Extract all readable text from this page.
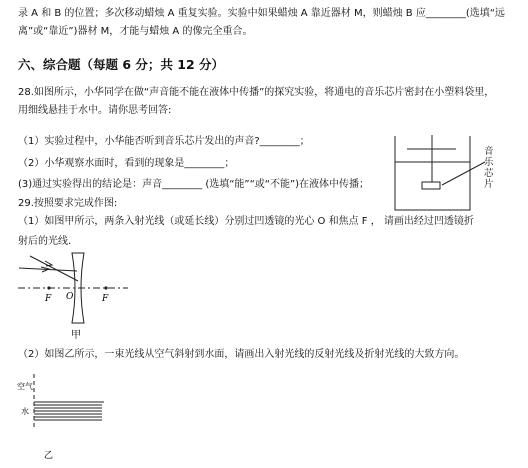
录 A 和 B 的位置；多次移动蜡烛 A 重复实验。实验中如果蜡烛 A 靠近器材 M，则蜡烛 B 应________(选填“远
离”或“靠近”)器材 M，才能与蜡烛 A 的像完全重合。
六、综合题（每题 6 分；共 12 分）
28.如图所示，小华同学在做“声音能不能在液体中传播”的探究实验，将通电的音乐芯片密封在小塑料袋里，
用细线悬挂于水中。请你思考回答:
（1）实验过程中，小华能否听到音乐芯片发出的声音?________；
（2）小华观察水面时，看到的现象是________；
(3)通过实验得出的结论是：声音________ (选填“能”“或“不能”)在液体中传播；
29.按照要求完成作图:
（1）如图甲所示，两条入射光线（或延长线）分别过凹透镜的光心 O 和焦点 F ， 请画出经过凹透镜折
射后的光线．
（2）如图乙所示，一束光线从空气斜射到水面，请画出入射光线的反射光线及折射光线的大致方向。
音乐芯片
F O	F
甲
空气
水
乙
